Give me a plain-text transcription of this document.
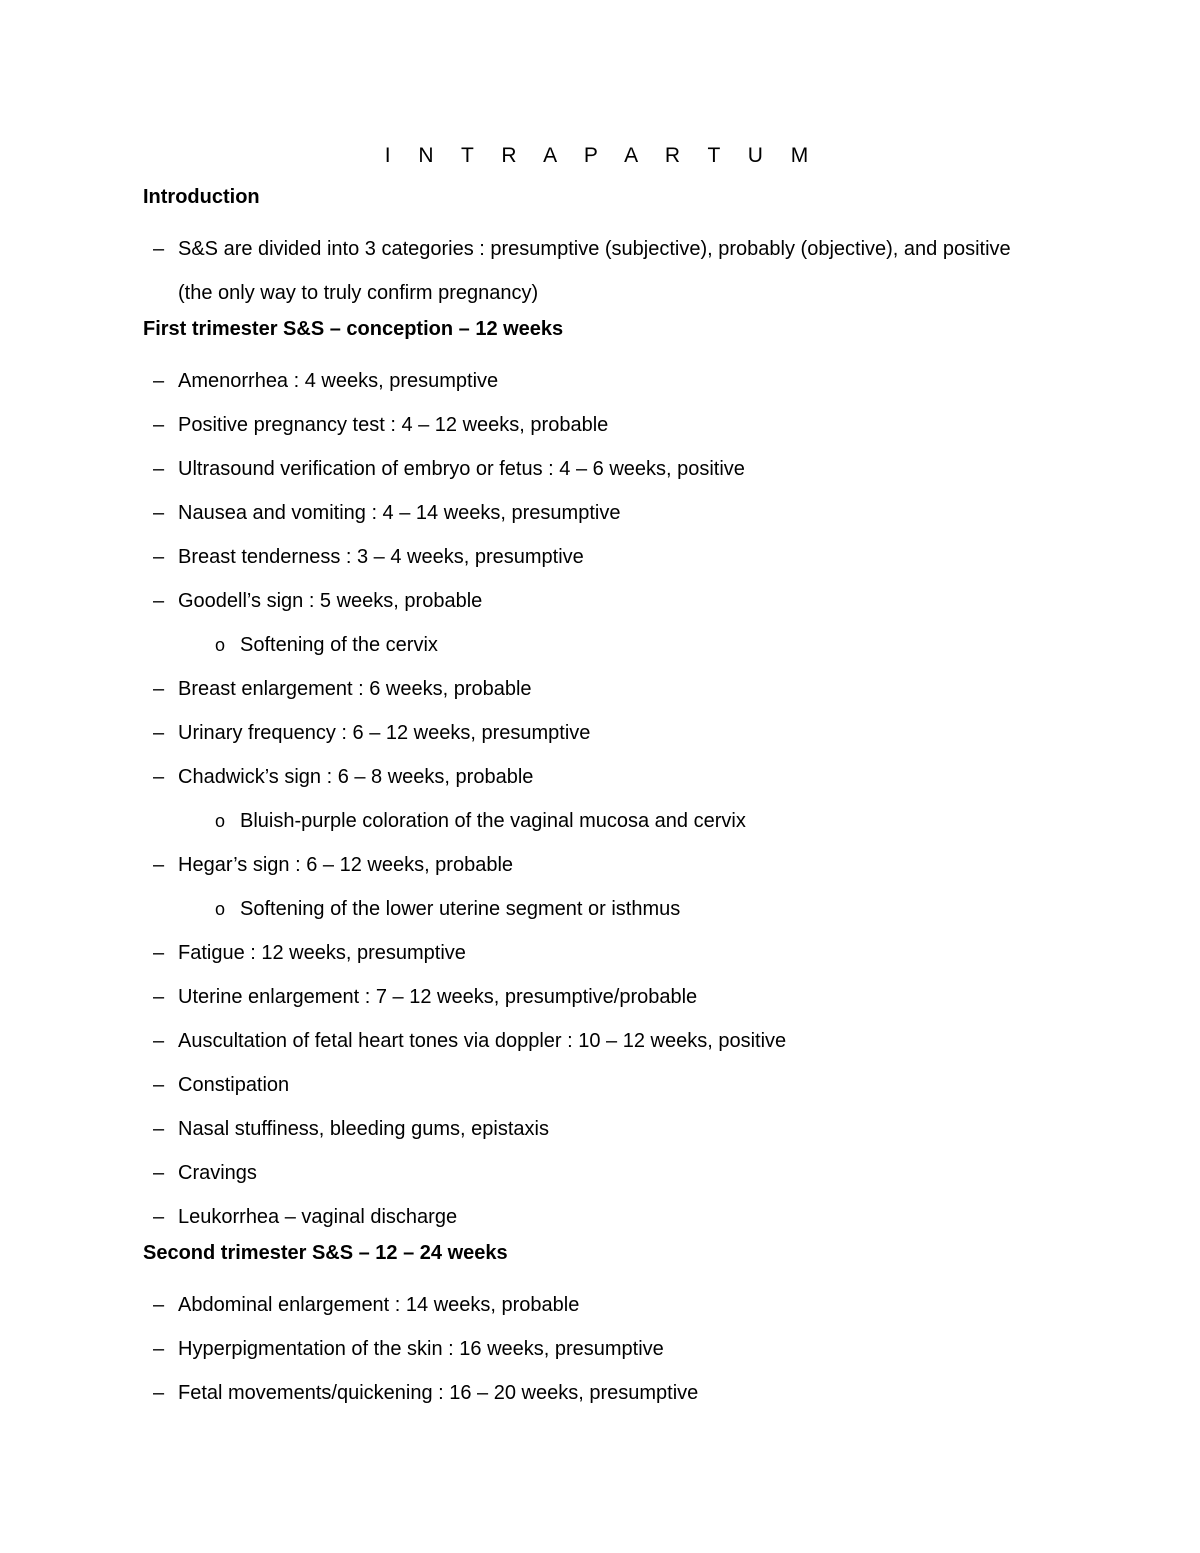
I N T R A P A R T U M
Introduction
– S&S are divided into 3 categories : presumptive (subjective), probably (objective), and positive (the only way to truly confirm pregnancy)
First trimester S&S – conception – 12 weeks
– Amenorrhea : 4 weeks, presumptive
– Positive pregnancy test : 4 – 12 weeks, probable
– Ultrasound verification of embryo or fetus : 4 – 6 weeks, positive
– Nausea and vomiting : 4 – 14 weeks, presumptive
– Breast tenderness : 3 – 4 weeks, presumptive
– Goodell’s sign : 5 weeks, probable
o Softening of the cervix
– Breast enlargement : 6 weeks, probable
– Urinary frequency : 6 – 12 weeks, presumptive
– Chadwick’s sign : 6 – 8 weeks, probable
o Bluish-purple coloration of the vaginal mucosa and cervix
– Hegar’s sign : 6 – 12 weeks, probable
o Softening of the lower uterine segment or isthmus
– Fatigue : 12 weeks, presumptive
– Uterine enlargement : 7 – 12 weeks, presumptive/probable
– Auscultation of fetal heart tones via doppler : 10 – 12 weeks, positive
– Constipation
– Nasal stuffiness, bleeding gums, epistaxis
– Cravings
– Leukorrhea – vaginal discharge
Second trimester S&S – 12 – 24 weeks
– Abdominal enlargement : 14 weeks, probable
– Hyperpigmentation of the skin : 16 weeks, presumptive
– Fetal movements/quickening : 16 – 20 weeks, presumptive
